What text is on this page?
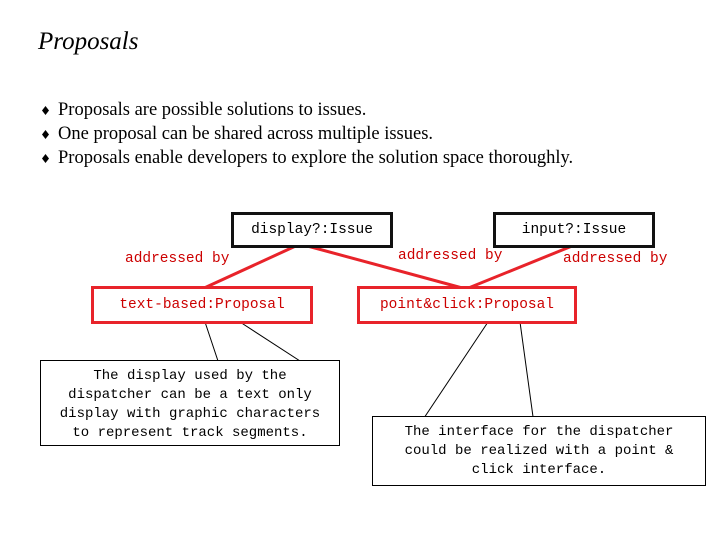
Proposals
Proposals are possible solutions to issues.
One proposal can be shared across multiple issues.
Proposals enable developers to explore the solution space thoroughly.
display?:Issue	input?:Issue
addressed by	addressed by	addressed by
text-based:Proposal	point&click:Proposal
The display used by the
dispatcher can be a text only
display with graphic characters
to represent track segments.	The interface for the dispatcher
could be realized with a point &
click interface.
